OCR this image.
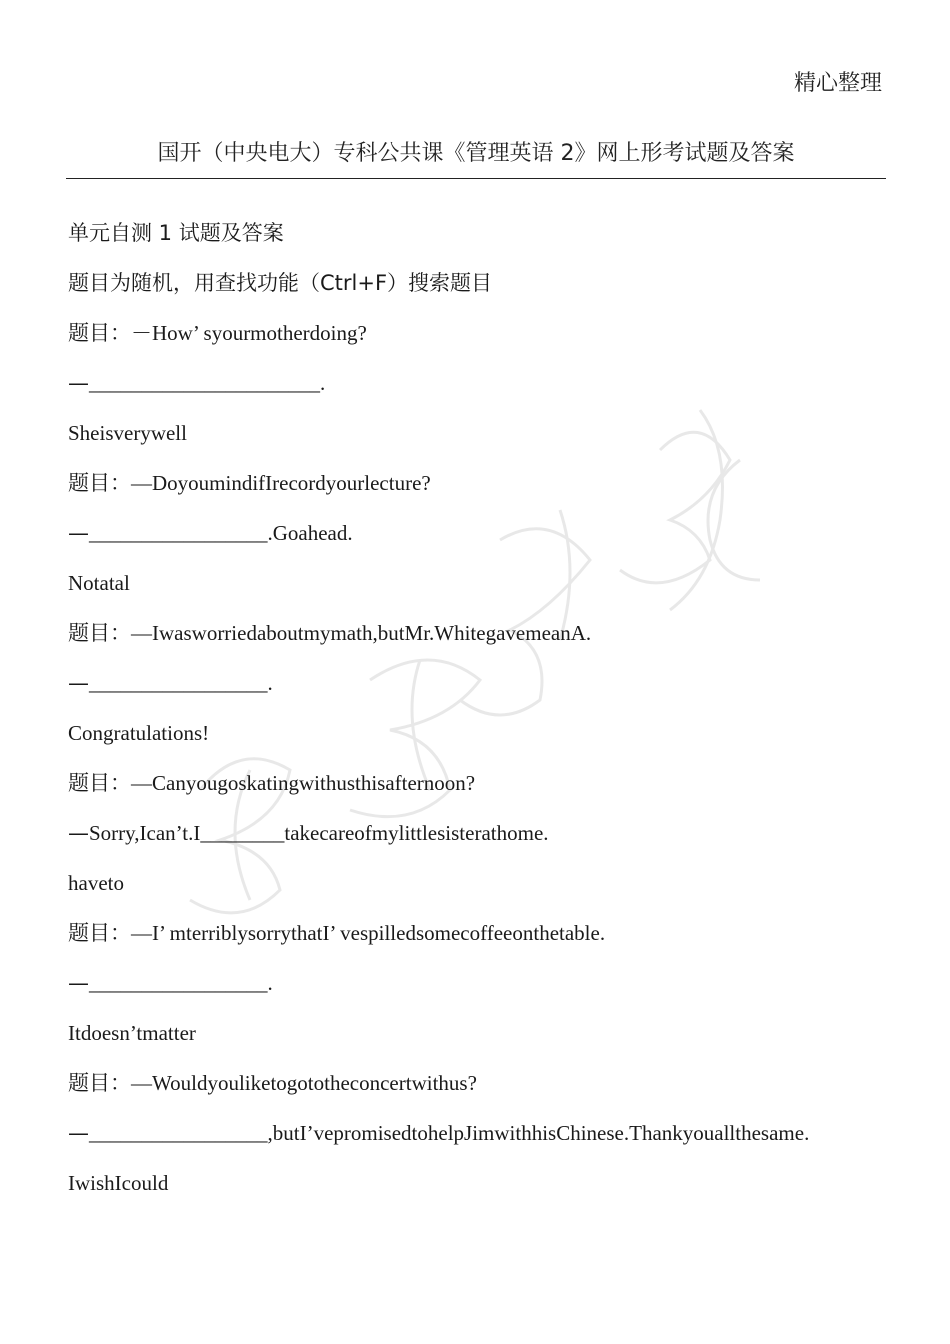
精心整理
国开（中央电大）专科公共课《管理英语 2》网上形考试题及答案
单元自测 1 试题及答案
题目为随机，用查找功能（Ctrl+F）搜索题目
题目：－How’ syourmotherdoing?
—______________________.
Sheisverywell
题目：—DoyoumindifIrecordyourlecture?
—_________________.Goahead.
Notatal
题目：—Iwasworriedaboutmymath,butMr.WhitegavemeanA.
—_________________.
Congratulations!
题目：—Canyougoskatingwithusthisafternoon?
—Sorry,Ican’t.I________takecareofmylittlesisterathome.
haveto
题目：—I’ mterriblysorrythatI’ vespilledsomecoffeeonthetable.
—_________________.
Itdoesn’tmatter
题目：—Wouldyouliketogototheconcertwithus?
—_________________,butI’vepromisedtohelpJimwithhisChinese.Thankyouallthesame.
IwishIcould
